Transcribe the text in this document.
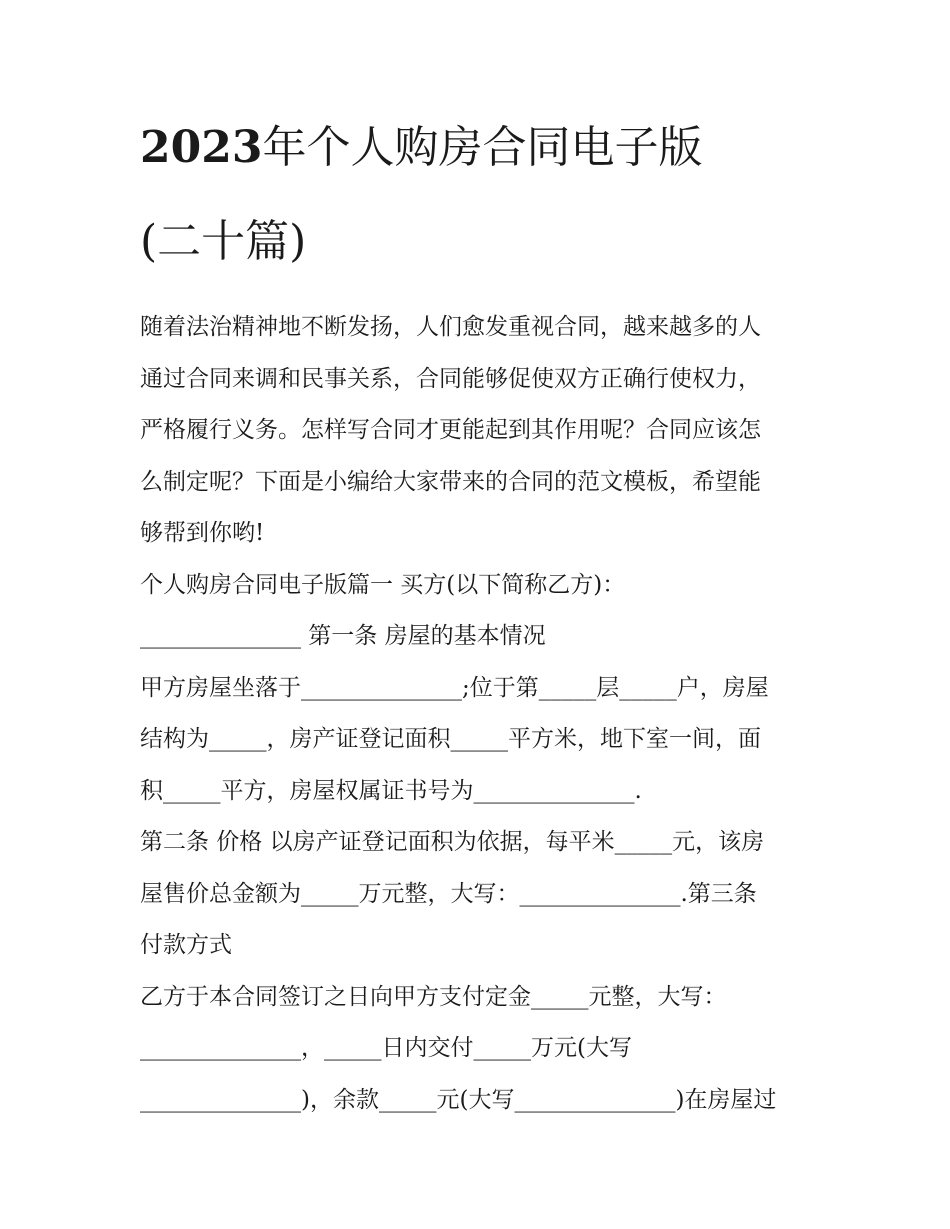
2023年个人购房合同电子版
(二十篇)
随着法治精神地不断发扬，人们愈发重视合同，越来越多的人
通过合同来调和民事关系，合同能够促使双方正确行使权力，
严格履行义务。怎样写合同才更能起到其作用呢？合同应该怎
么制定呢？下面是小编给大家带来的合同的范文模板，希望能
够帮到你哟!
个人购房合同电子版篇一 买方(以下简称乙方)：
______________ 第一条 房屋的基本情况
甲方房屋坐落于______________;位于第_____层_____户，房屋
结构为_____，房产证登记面积_____平方米，地下室一间，面
积_____平方，房屋权属证书号为______________.
第二条 价格 以房产证登记面积为依据，每平米_____元，该房
屋售价总金额为_____万元整，大写：______________.第三条
付款方式
乙方于本合同签订之日向甲方支付定金_____元整，大写：
______________，_____日内交付_____万元(大写
______________)，余款_____元(大写______________)在房屋过
